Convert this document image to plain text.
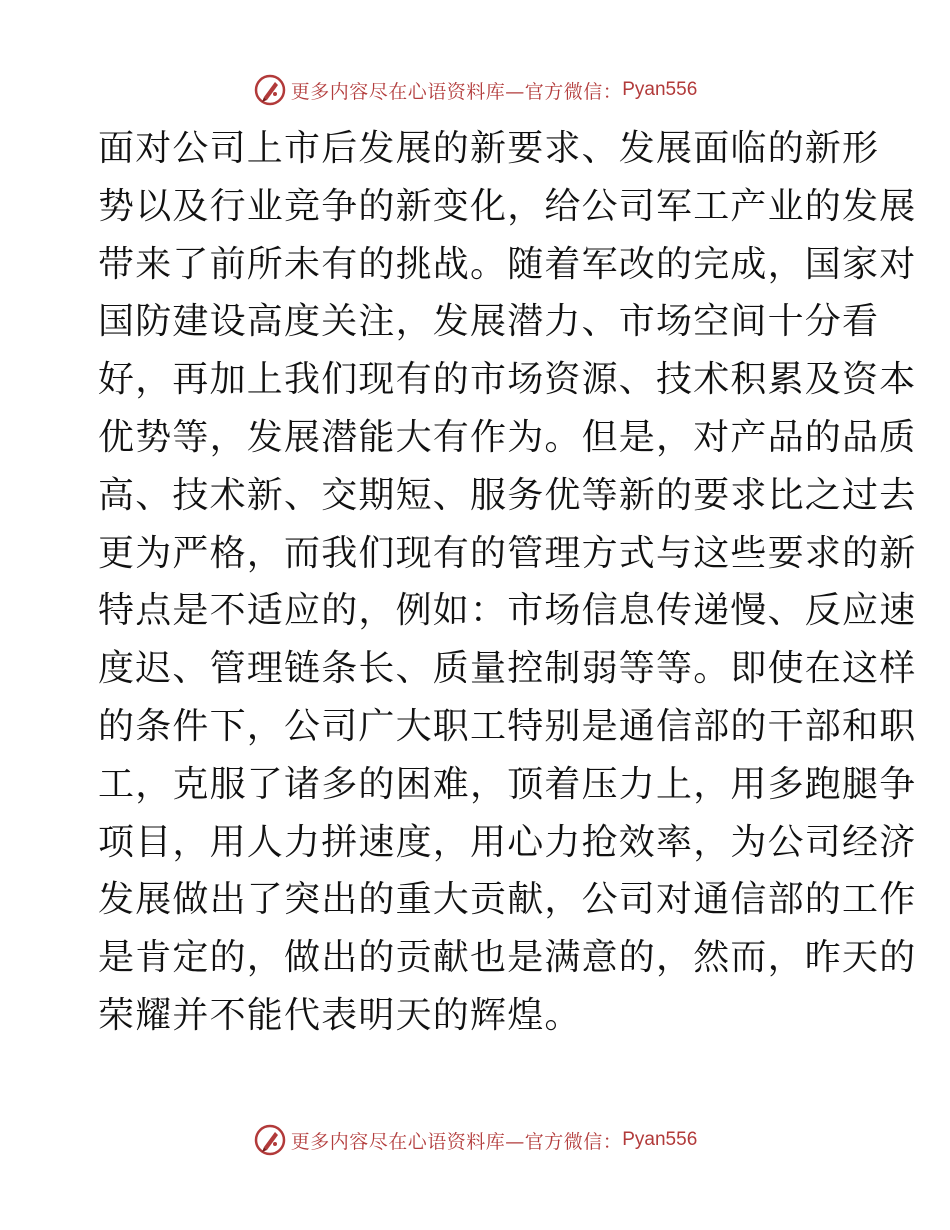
更多内容尽在心语资料库—官方微信： Pyan556
面对公司上市后发展的新要求、发展面临的新形
势以及行业竞争的新变化，给公司军工产业的发展
带来了前所未有的挑战。随着军改的完成，国家对
国防建设高度关注，发展潜力、市场空间十分看
好，再加上我们现有的市场资源、技术积累及资本
优势等，发展潜能大有作为。但是，对产品的品质
高、技术新、交期短、服务优等新的要求比之过去
更为严格，而我们现有的管理方式与这些要求的新
特点是不适应的，例如：市场信息传递慢、反应速
度迟、管理链条长、质量控制弱等等。即使在这样
的条件下，公司广大职工特别是通信部的干部和职
工，克服了诸多的困难，顶着压力上，用多跑腿争
项目，用人力拼速度，用心力抢效率，为公司经济
发展做出了突出的重大贡献，公司对通信部的工作
是肯定的，做出的贡献也是满意的，然而，昨天的
荣耀并不能代表明天的辉煌。
更多内容尽在心语资料库—官方微信： Pyan556
